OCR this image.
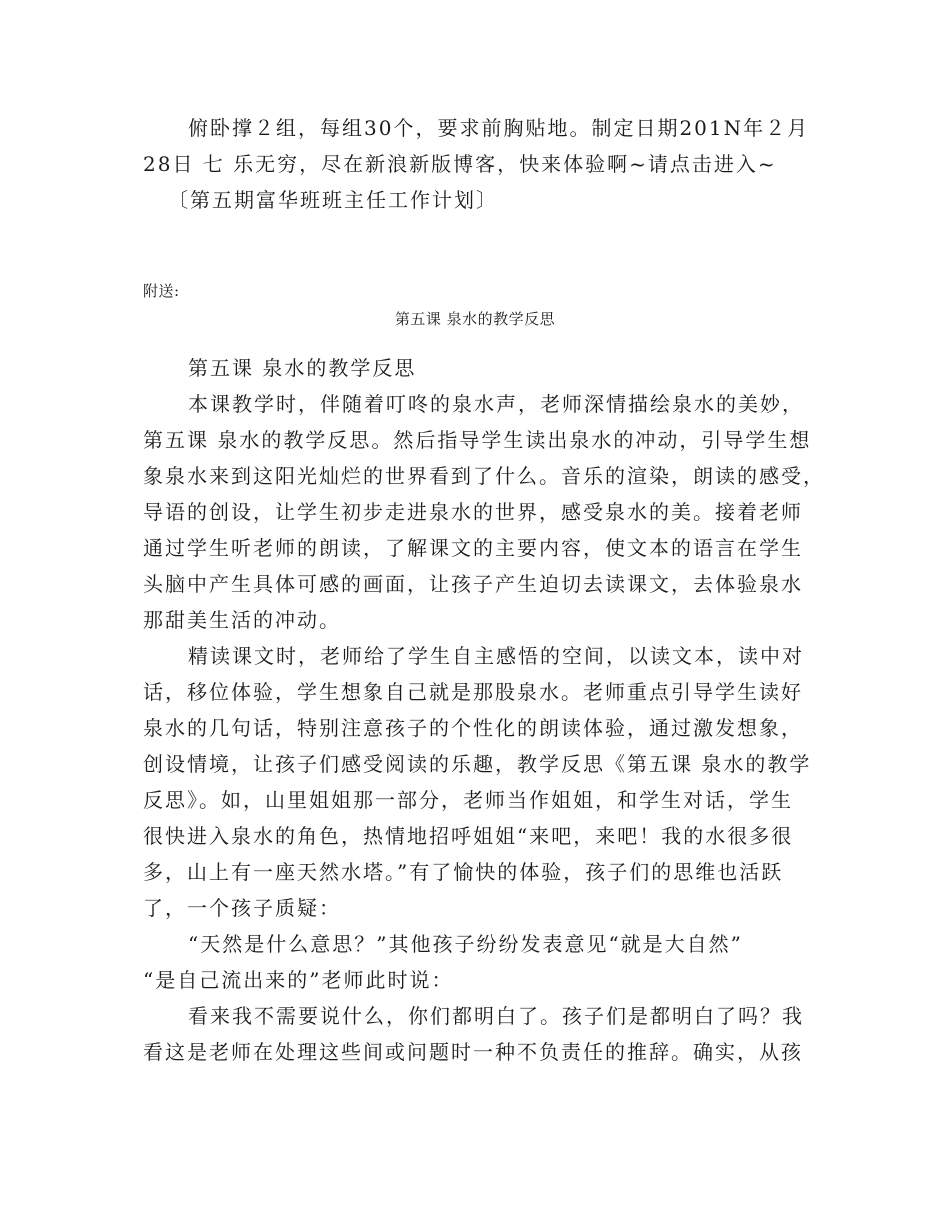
俯卧撑２组，每组30个，要求前胸贴地。制定日期201N年２月
28日 七 乐无穷，尽在新浪新版博客，快来体验啊~请点击进入~
〔第五期富华班班主任工作计划〕
附送:
第五课 泉水的教学反思
第五课 泉水的教学反思
本课教学时，伴随着叮咚的泉水声，老师深情描绘泉水的美妙，
第五课 泉水的教学反思。然后指导学生读出泉水的冲动，引导学生想
象泉水来到这阳光灿烂的世界看到了什么。音乐的渲染，朗读的感受，
导语的创设，让学生初步走进泉水的世界，感受泉水的美。接着老师
通过学生听老师的朗读，了解课文的主要内容，使文本的语言在学生
头脑中产生具体可感的画面，让孩子产生迫切去读课文，去体验泉水
那甜美生活的冲动。
精读课文时，老师给了学生自主感悟的空间，以读文本，读中对
话，移位体验，学生想象自己就是那股泉水。老师重点引导学生读好
泉水的几句话，特别注意孩子的个性化的朗读体验，通过激发想象，
创设情境，让孩子们感受阅读的乐趣，教学反思《第五课 泉水的教学
反思》。如，山里姐姐那一部分，老师当作姐姐，和学生对话，学生
很快进入泉水的角色，热情地招呼姐姐“来吧，来吧！我的水很多很
多，山上有一座天然水塔。”有了愉快的体验，孩子们的思维也活跃
了，一个孩子质疑：
“天然是什么意思？”其他孩子纷纷发表意见“就是大自然”
“是自己流出来的”老师此时说：
看来我不需要说什么，你们都明白了。孩子们是都明白了吗？我
看这是老师在处理这些间或问题时一种不负责任的推辞。确实，从孩
